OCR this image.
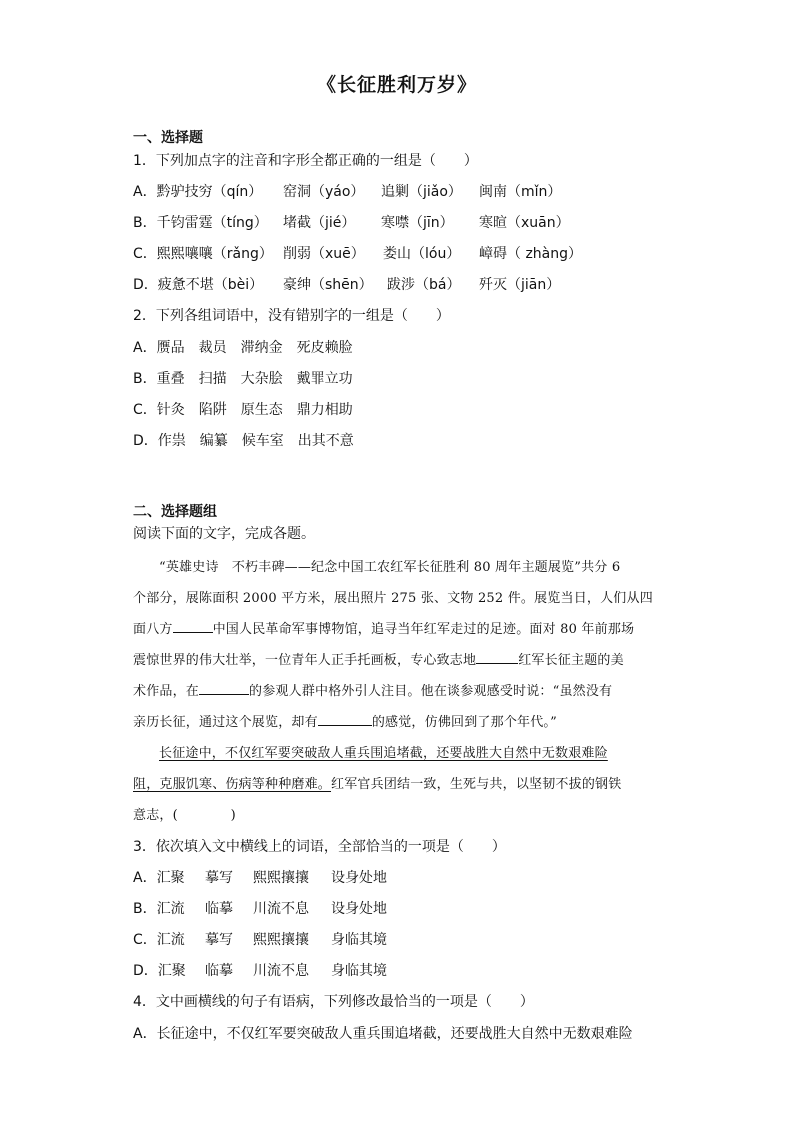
《长征胜利万岁》
一、选择题
1．下列加点字的注音和字形全都正确的一组是（　　）
A．黔驴技穷（qín） 窑洞（yáo） 追剿（jiǎo） 闽南（mǐn）
B．千钧雷霆（tíng） 堵截（jié） 寒噤（jīn） 寒暄（xuān）
C．熙熙嚷嚷（rǎng） 削弱（xuē） 娄山（lóu） 嶂碍（ zhàng）
D．疲惫不堪（bèi） 豪绅（shēn） 跋涉（bá） 歼灭（jiān）
2．下列各组词语中，没有错别字的一组是（　　）
A．赝品　裁员　滞纳金　死皮赖脸
B．重叠　扫描　大杂脍　戴罪立功
C．针灸　陷阱　原生态　鼎力相助
D．作祟　编纂　候车室　出其不意
二、选择题组
阅读下面的文字，完成各题。

“英雄史诗　不朽丰碑——纪念中国工农红军长征胜利 80 周年主题展览”共分 6

个部分，展陈面积 2000 平方米，展出照片 275 张、文物 252 件。展览当日，人们从四

面八方	中国人民革命军事博物馆，追寻当年红军走过的足迹。面对 80 年前那场

震惊世界的伟大壮举，一位青年人正手托画板，专心致志地	红军长征主题的美

术作品，在	的参观人群中格外引人注目。他在谈参观感受时说：“虽然没有

亲历长征，通过这个展览，却有	的感觉，仿佛回到了那个年代。”

长征途中，不仅红军要突破敌人重兵围追堵截，还要战胜大自然中无数艰难险

阻，克服饥寒、伤病等种种磨难。红军官兵团结一致，生死与共，以坚韧不拔的钢铁

意志，(　　　　)

3．依次填入文中横线上的词语，全部恰当的一项是（　　）
A．汇聚 摹写 熙熙攘攘 设身处地
B．汇流 临摹 川流不息 设身处地
C．汇流 摹写 熙熙攘攘 身临其境
D．汇聚 临摹 川流不息 身临其境
4．文中画横线的句子有语病，下列修改最恰当的一项是（　　）
A．长征途中，不仅红军要突破敌人重兵围追堵截，还要战胜大自然中无数艰难险
